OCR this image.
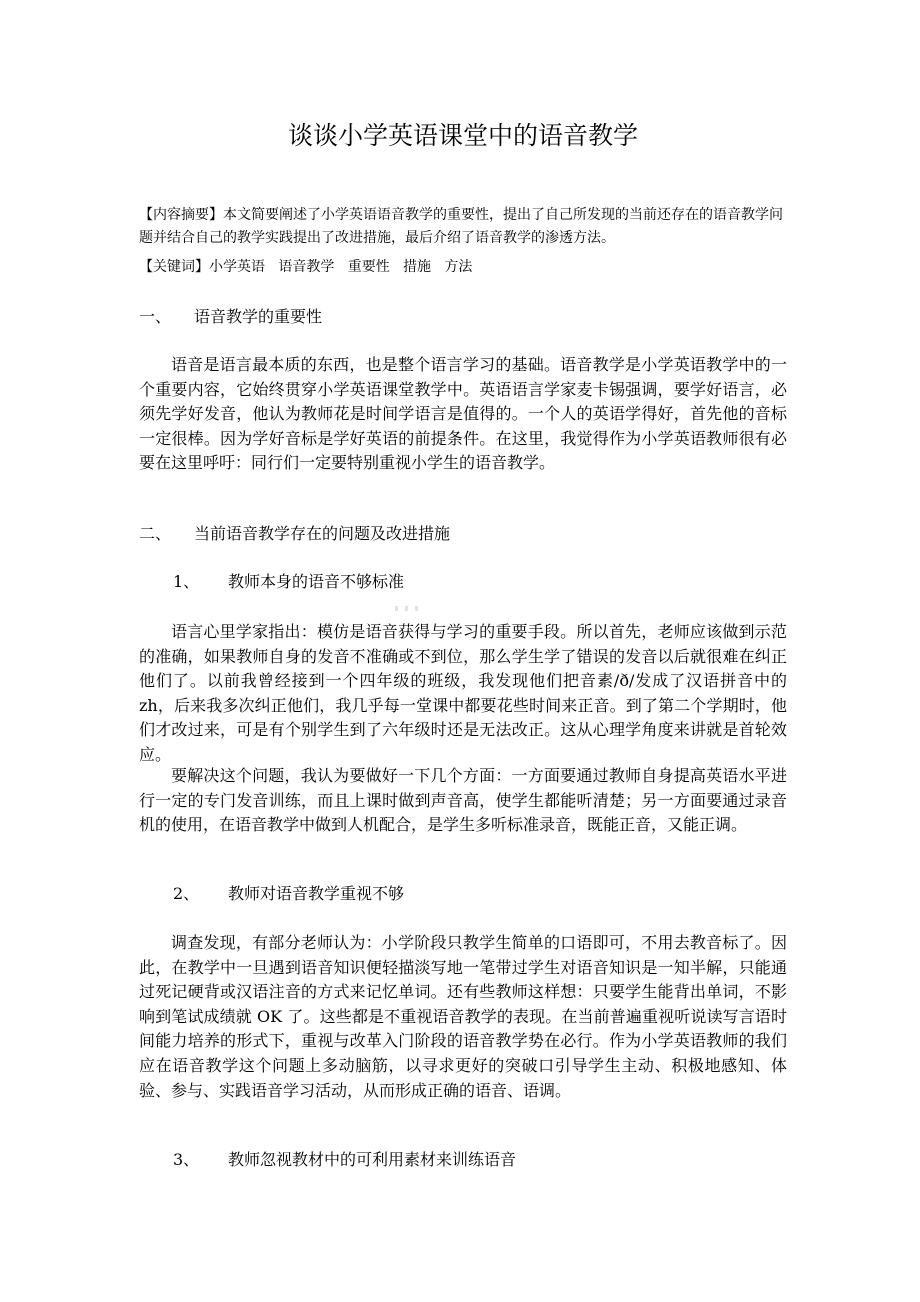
谈谈小学英语课堂中的语音教学

【内容摘要】本文简要阐述了小学英语语音教学的重要性，提出了自己所发现的当前还存在的语音教学问题并结合自己的教学实践提出了改进措施，最后介绍了语音教学的渗透方法。

【关键词】小学英语   语音教学   重要性   措施   方法

一、 语音教学的重要性

语音是语言最本质的东西，也是整个语言学习的基础。语音教学是小学英语教学中的一个重要内容，它始终贯穿小学英语课堂教学中。英语语言学家麦卡锡强调，要学好语言，必须先学好发音，他认为教师花是时间学语言是值得的。一个人的英语学得好，首先他的音标一定很棒。因为学好音标是学好英语的前提条件。在这里，我觉得作为小学英语教师很有必要在这里呼吁：同行们一定要特别重视小学生的语音教学。

二、 当前语音教学存在的问题及改进措施

1、 教师本身的语音不够标准

语言心里学家指出：模仿是语音获得与学习的重要手段。所以首先，老师应该做到示范的准确，如果教师自身的发音不准确或不到位，那么学生学了错误的发音以后就很难在纠正他们了。以前我曾经接到一个四年级的班级，我发现他们把音素/ð/发成了汉语拼音中的 zh，后来我多次纠正他们，我几乎每一堂课中都要花些时间来正音。到了第二个学期时，他们才改过来，可是有个别学生到了六年级时还是无法改正。这从心理学角度来讲就是首轮效应。

要解决这个问题，我认为要做好一下几个方面：一方面要通过教师自身提高英语水平进行一定的专门发音训练，而且上课时做到声音高，使学生都能听清楚；另一方面要通过录音机的使用，在语音教学中做到人机配合，是学生多听标准录音，既能正音，又能正调。

2、 教师对语音教学重视不够

调查发现，有部分老师认为：小学阶段只教学生简单的口语即可，不用去教音标了。因此，在教学中一旦遇到语音知识便轻描淡写地一笔带过学生对语音知识是一知半解，只能通过死记硬背或汉语注音的方式来记忆单词。还有些教师这样想：只要学生能背出单词，不影响到笔试成绩就 OK 了。这些都是不重视语音教学的表现。在当前普遍重视听说读写言语时间能力培养的形式下，重视与改革入门阶段的语音教学势在必行。作为小学英语教师的我们应在语音教学这个问题上多动脑筋，以寻求更好的突破口引导学生主动、积极地感知、体验、参与、实践语音学习活动，从而形成正确的语音、语调。

3、 教师忽视教材中的可利用素材来训练语音
